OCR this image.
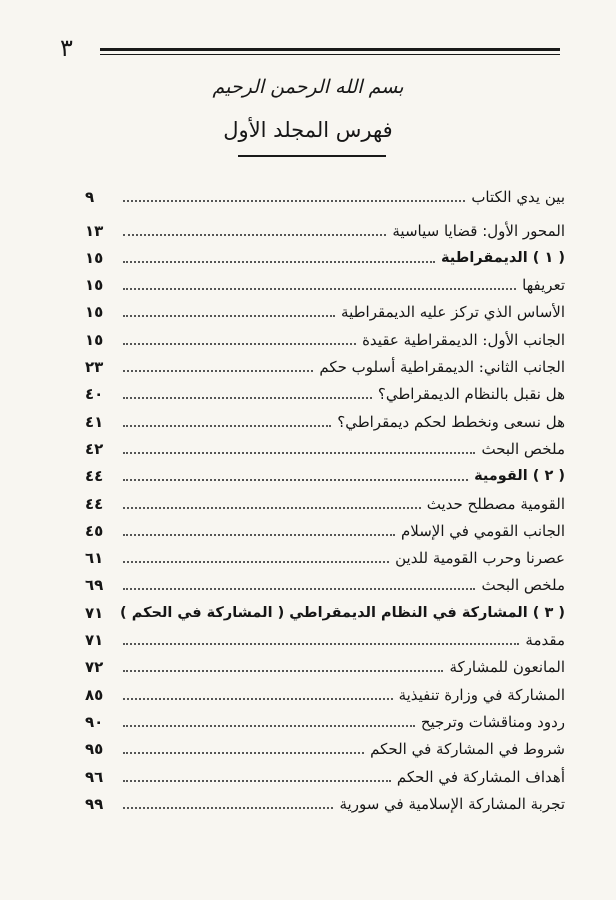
٣
بسم الله الرحمن الرحيم
فهرس المجلد الأول
بين يدي الكتاب
٩
المحور الأول: قضايا سياسية
١٣
( ١ ) الديمقراطية
١٥
تعريفها
١٥
الأساس الذي تركز عليه الديمقراطية
١٥
الجانب الأول: الديمقراطية عقيدة
١٥
الجانب الثاني: الديمقراطية أسلوب حكم
٢٣
هل نقبل بالنظام الديمقراطي؟
٤٠
هل نسعى ونخطط لحكم ديمقراطي؟
٤١
ملخص البحث
٤٢
( ٢ ) القومية
٤٤
القومية مصطلح حديث
٤٤
الجانب القومي في الإسلام
٤٥
عصرنا وحرب القومية للدين
٦١
ملخص البحث
٦٩
( ٣ ) المشاركة في النظام الديمقراطي ( المشاركة في الحكم )
٧١
مقدمة
٧١
المانعون للمشاركة
٧٢
المشاركة في وزارة تنفيذية
٨٥
ردود ومناقشات وترجيح
٩٠
شروط في المشاركة في الحكم
٩٥
أهداف المشاركة في الحكم
٩٦
تجربة المشاركة الإسلامية في سورية
٩٩
